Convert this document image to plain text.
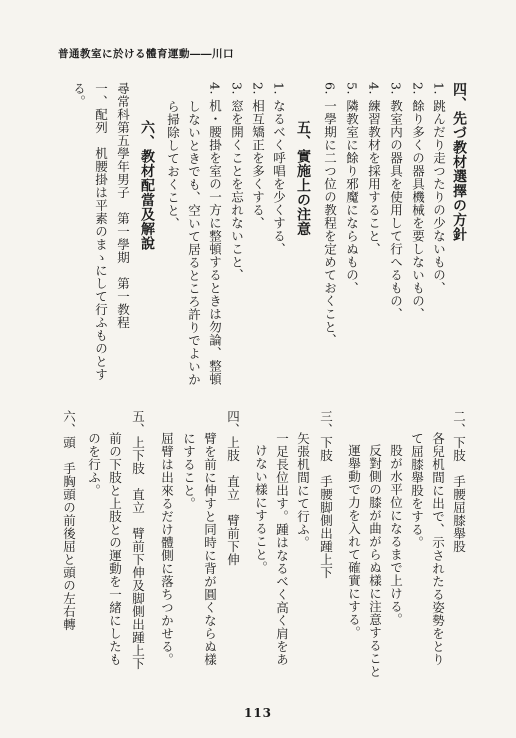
普通教室に於ける體育運動――川口
四、先づ教材選擇の方針
1. 跳んだり走つたりの少ないもの、
2. 餘り多くの器具機械を要しないもの、
3. 教室内の器具を使用して行へるもの、
4. 練習教材を採用すること、
5. 隣教室に餘り邪魔にならぬもの、
6. 一學期に二つ位の教程を定めておくこと、
五、實施上の注意
1. なるべく呼唱を少くする、
2. 相互矯正を多くする、
3. 窓を開くことを忘れないこと、
4. 机・腰掛を室の一方に整頓するときは勿論、整頓
しないときでも、空いて居るところ許りでよいか
ら掃除しておくこと、
六、教材配當及解說
尋常科第五學年男子　第一學期　第一教程
一、配列　机腰掛は平素のまゝにして行ふものとす
る。
二、下肢　手腰屈膝舉股
各兒机間に出で、示されたる姿勢をとり
て屈膝舉股をする。
股が水平位になるまで上ける。
反對側の膝が曲がらぬ樣に注意すること
運舉動で力を入れて確實にする。
三、下肢　手腰脚側出踵上下
矢張机間にて行ふ。
一足長位出す。踵はなるべく高く肩をあ
けない樣にすること。
四、上肢　直立　臂前下伸
臂を前に伸すと同時に背が圓くならぬ樣
にすること。
屈臂は出來るだけ體側に落ちつかせる。
五、上下肢　直立　臂前下伸及脚側出踵上下
前の下肢と上肢との運動を一緒にしたも
のを行ふ。
六、頭　手胸頭の前後屈と頭の左右轉
113
